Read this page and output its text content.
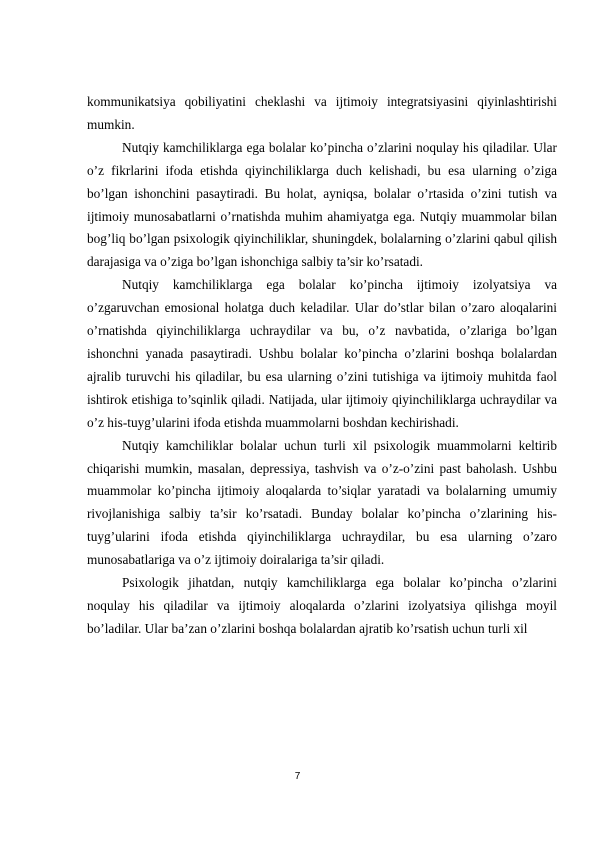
kommunikatsiya qobiliyatini cheklashi va ijtimoiy integratsiyasini qiyinlashtirishi mumkin.

Nutqiy kamchiliklarga ega bolalar ko’pincha o’zlarini noqulay his qiladilar. Ular o’z fikrlarini ifoda etishda qiyinchiliklarga duch kelishadi, bu esa ularning o’ziga bo’lgan ishonchini pasaytiradi. Bu holat, ayniqsa, bolalar o’rtasida o’zini tutish va ijtimoiy munosabatlarni o’rnatishda muhim ahamiyatga ega. Nutqiy muammolar bilan bog’liq bo’lgan psixologik qiyinchiliklar, shuningdek, bolalarning o’zlarini qabul qilish darajasiga va o’ziga bo’lgan ishonchiga salbiy ta’sir ko’rsatadi.

Nutqiy kamchiliklarga ega bolalar ko’pincha ijtimoiy izolyatsiya va o’zgaruvchan emosional holatga duch keladilar. Ular do’stlar bilan o’zaro aloqalarini o’rnatishda qiyinchiliklarga uchraydilar va bu, o’z navbatida, o’zlariga bo’lgan ishonchni yanada pasaytiradi. Ushbu bolalar ko’pincha o’zlarini boshqa bolalardan ajralib turuvchi his qiladilar, bu esa ularning o’zini tutishiga va ijtimoiy muhitda faol ishtirok etishiga to’sqinlik qiladi. Natijada, ular ijtimoiy qiyinchiliklarga uchraydilar va o’z his-tuyg’ularini ifoda etishda muammolarni boshdan kechirishadi.

Nutqiy kamchiliklar bolalar uchun turli xil psixologik muammolarni keltirib chiqarishi mumkin, masalan, depressiya, tashvish va o’z-o’zini past baholash. Ushbu muammolar ko’pincha ijtimoiy aloqalarda to’siqlar yaratadi va bolalarning umumiy rivojlanishiga salbiy ta’sir ko’rsatadi. Bunday bolalar ko’pincha o’zlarining his-tuyg’ularini ifoda etishda qiyinchiliklarga uchraydilar, bu esa ularning o’zaro munosabatlariga va o’z ijtimoiy doiralariga ta’sir qiladi.

Psixologik jihatdan, nutqiy kamchiliklarga ega bolalar ko’pincha o’zlarini noqulay his qiladilar va ijtimoiy aloqalarda o’zlarini izolyatsiya qilishga moyil bo’ladilar. Ular ba’zan o’zlarini boshqa bolalardan ajratib ko’rsatish uchun turli xil

7
